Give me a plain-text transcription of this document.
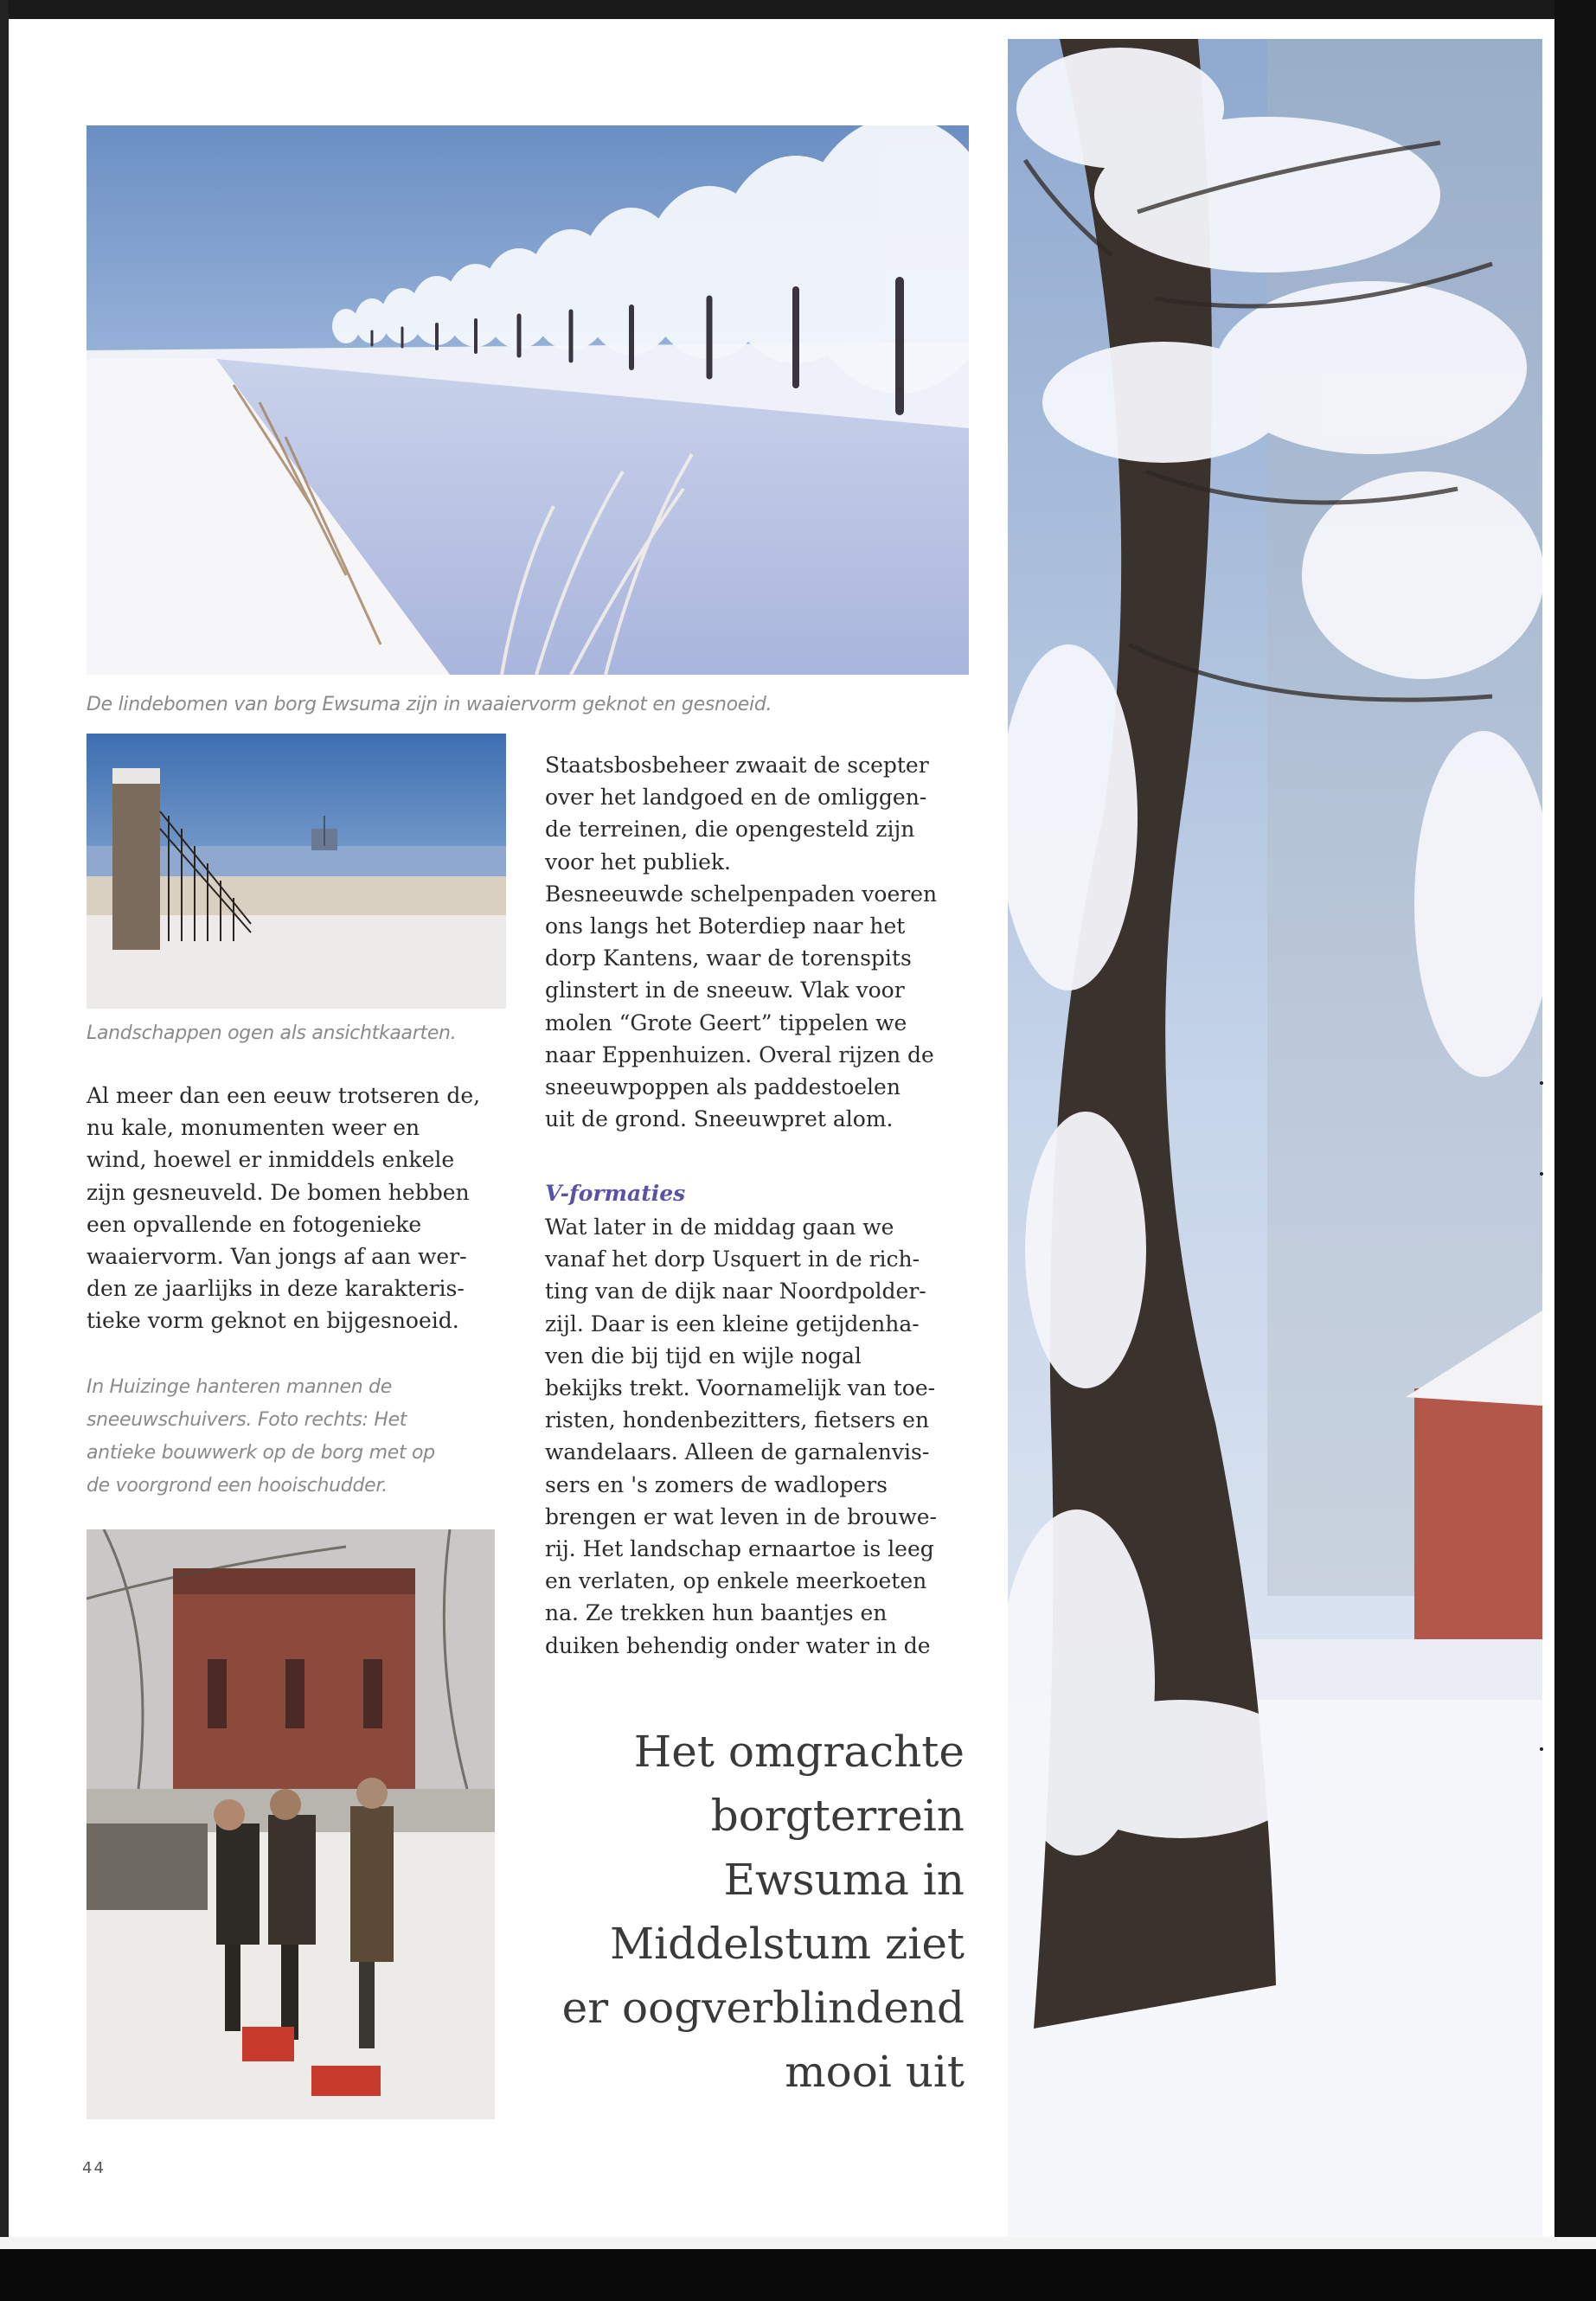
De lindebomen van borg Ewsuma zijn in waaiervorm geknot en gesnoeid.
Landschappen ogen als ansichtkaarten.
Al meer dan een eeuw trotseren de,
nu kale, monumenten weer en
wind, hoewel er inmiddels enkele
zijn gesneuveld. De bomen hebben
een opvallende en fotogenieke
waaiervorm. Van jongs af aan wer-
den ze jaarlijks in deze karakteris-
tieke vorm geknot en bijgesnoeid.
In Huizinge hanteren mannen de
sneeuwschuivers. Foto rechts: Het
antieke bouwwerk op de borg met op
de voorgrond een hooischudder.
Staatsbosbeheer zwaait de scepter
over het landgoed en de omliggen-
de terreinen, die opengesteld zijn
voor het publiek.
Besneeuwde schelpenpaden voeren
ons langs het Boterdiep naar het
dorp Kantens, waar de torenspits
glinstert in de sneeuw. Vlak voor
molen “Grote Geert” tippelen we
naar Eppenhuizen. Overal rijzen de
sneeuwpoppen als paddestoelen
uit de grond. Sneeuwpret alom.
V-formaties
Wat later in de middag gaan we
vanaf het dorp Usquert in de rich-
ting van de dijk naar Noordpolder-
zijl. Daar is een kleine getijdenha-
ven die bij tijd en wijle nogal
bekijks trekt. Voornamelijk van toe-
risten, hondenbezitters, fietsers en
wandelaars. Alleen de garnalenvis-
sers en 's zomers de wadlopers
brengen er wat leven in de brouwe-
rij. Het landschap ernaartoe is leeg
en verlaten, op enkele meerkoeten
na. Ze trekken hun baantjes en
duiken behendig onder water in de
Het omgrachte
borgterrein
Ewsuma in
Middelstum ziet
er oogverblindend
mooi uit
44
